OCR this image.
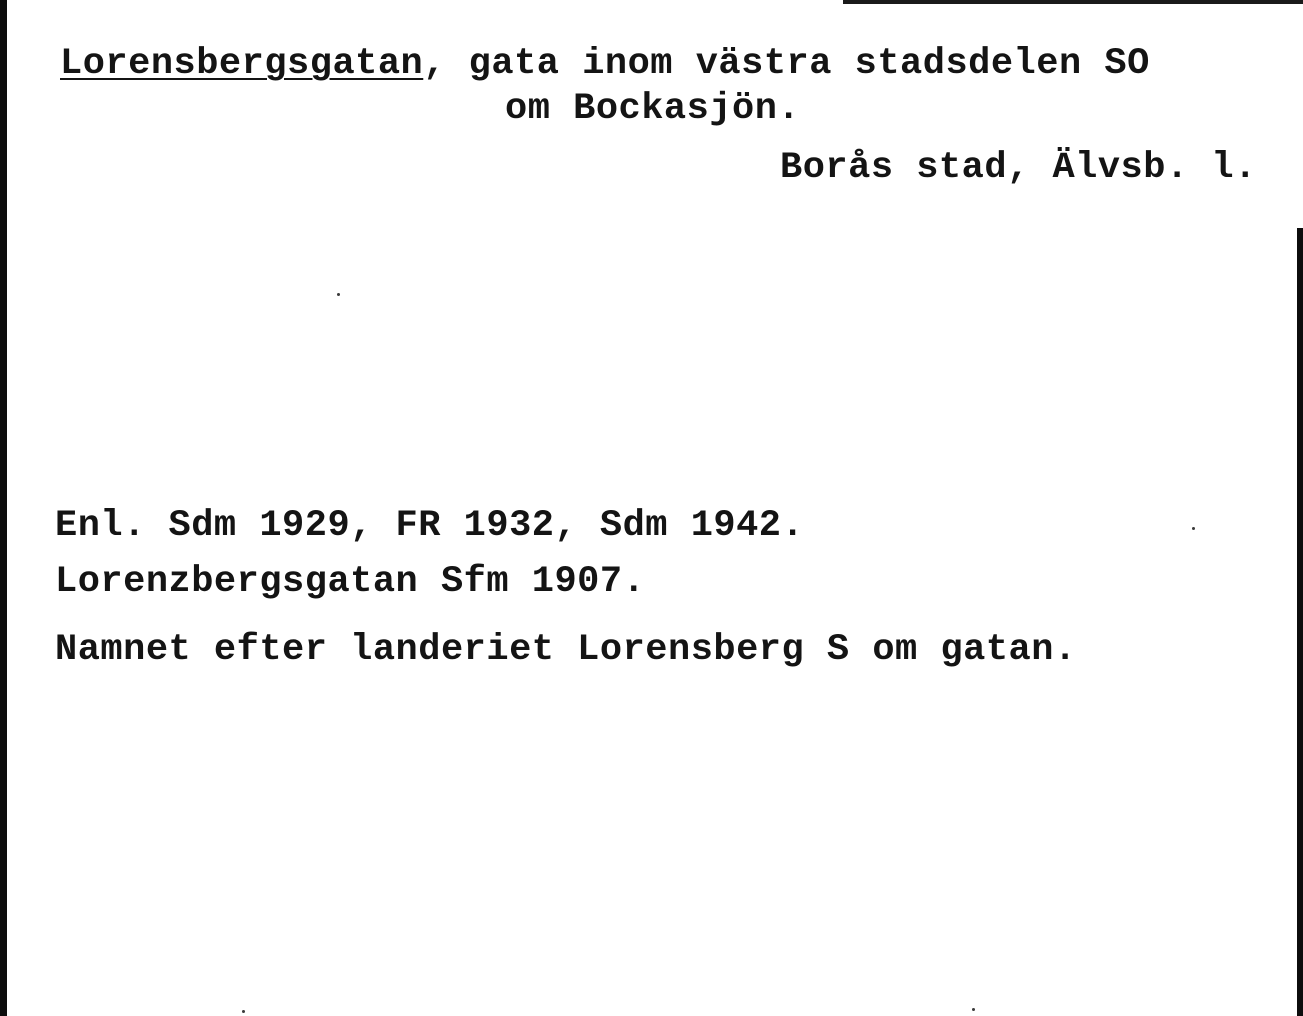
Lorensbergsgatan, gata inom västra stadsdelen SO
om Bockasjön.
Borås stad, Älvsb. l.
Enl. Sdm 1929, FR 1932, Sdm 1942.
Lorenzbergsgatan Sfm 1907.
Namnet efter landeriet Lorensberg S om gatan.
